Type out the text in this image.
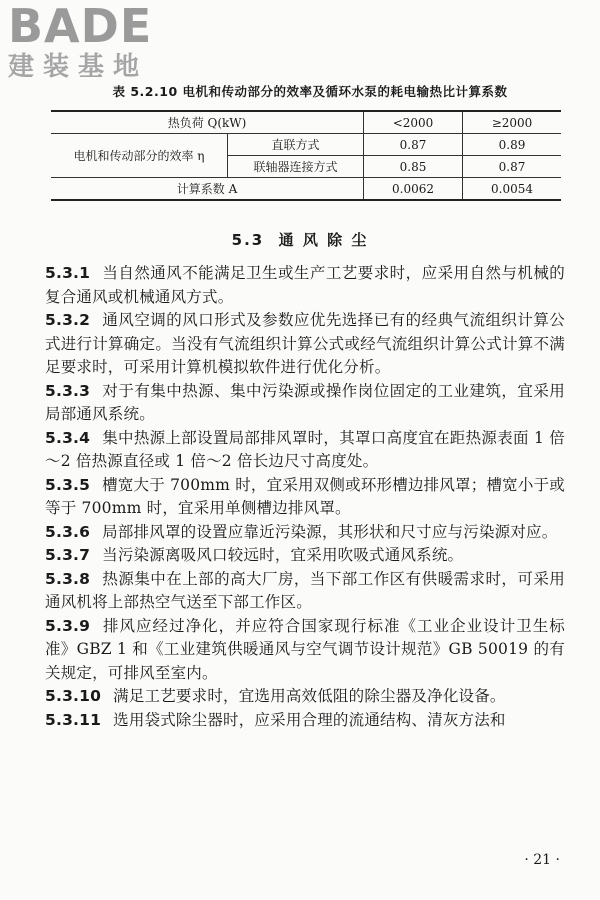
BADE
建装基地
表 5.2.10 电机和传动部分的效率及循环水泵的耗电输热比计算系数
热负荷 Q(kW)		<2000	≥2000
电机和传动部分的效率 η	直联方式	0.87	0.89
	联轴器连接方式	0.85	0.87
计算系数 A		0.0062	0.0054
5.3 通 风 除 尘

5.3.1 当自然通风不能满足卫生或生产工艺要求时，应采用自然与机械的复合通风或机械通风方式。

5.3.2 通风空调的风口形式及参数应优先选择已有的经典气流组织计算公式进行计算确定。当没有气流组织计算公式或经气流组织计算公式计算不满足要求时，可采用计算机模拟软件进行优化分析。

5.3.3 对于有集中热源、集中污染源或操作岗位固定的工业建筑，宜采用局部通风系统。

5.3.4 集中热源上部设置局部排风罩时，其罩口高度宜在距热源表面 1 倍～2 倍热源直径或 1 倍～2 倍长边尺寸高度处。

5.3.5 槽宽大于 700mm 时，宜采用双侧或环形槽边排风罩；槽宽小于或等于 700mm 时，宜采用单侧槽边排风罩。

5.3.6 局部排风罩的设置应靠近污染源，其形状和尺寸应与污染源对应。

5.3.7 当污染源离吸风口较远时，宜采用吹吸式通风系统。

5.3.8 热源集中在上部的高大厂房，当下部工作区有供暖需求时，可采用通风机将上部热空气送至下部工作区。

5.3.9 排风应经过净化，并应符合国家现行标准《工业企业设计卫生标准》GBZ 1 和《工业建筑供暖通风与空气调节设计规范》GB 50019 的有关规定，可排风至室内。

5.3.10 满足工艺要求时，宜选用高效低阻的除尘器及净化设备。

5.3.11 选用袋式除尘器时，应采用合理的流通结构、清灰方法和

· 21 ·
